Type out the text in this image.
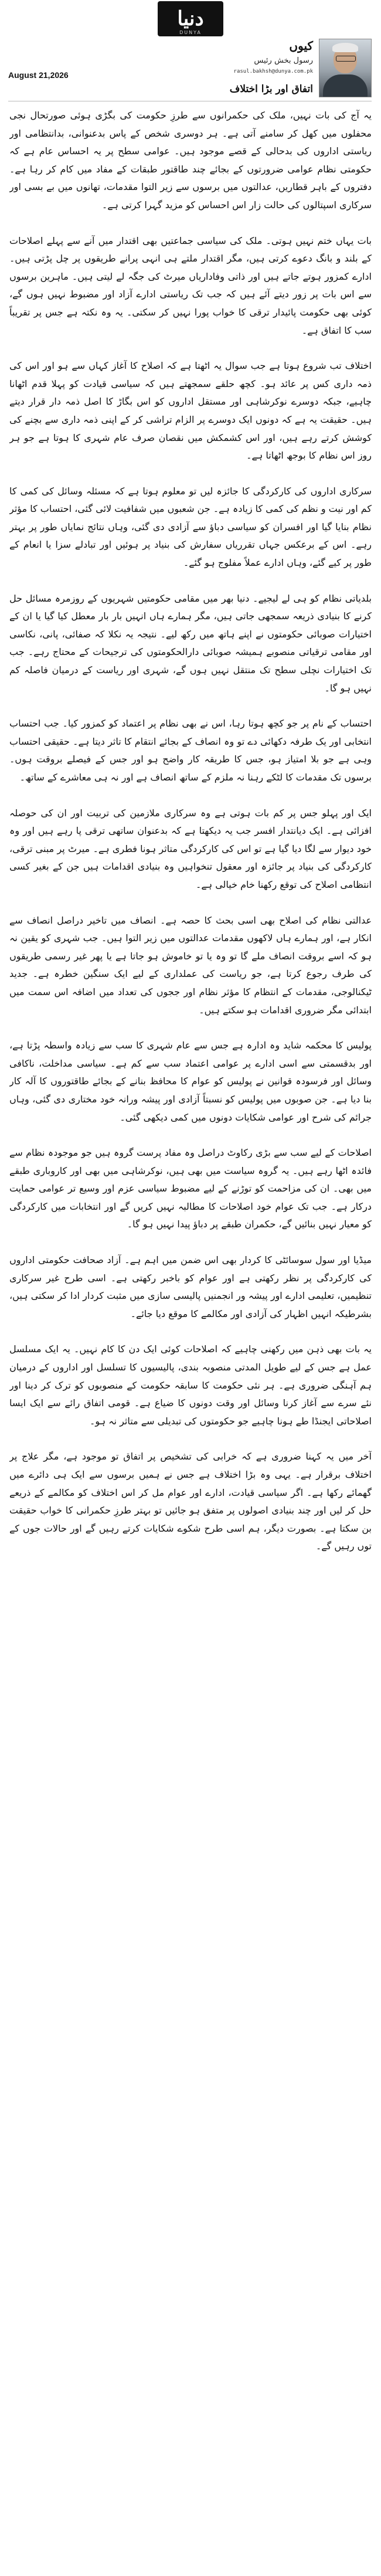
دنیا
DUNYA
کیوں
رسول بخش رئیس
rasul.bakhsh@dunya.com.pk
August 21,2026
اتفاق اور بڑا اختلاف

یہ آج کی بات نہیں، ملک کی حکمرانوں سے طرزِ حکومت کی بگڑی ہوئی صورتحال نجی محفلوں میں کھل کر سامنے آتی ہے۔ ہر دوسری شخص کے پاس بدعنوانی، بدانتظامی اور ریاستی اداروں کی بدحالی کے قصے موجود ہیں۔ عوامی سطح پر یہ احساس عام ہے کہ حکومتی نظام عوامی ضرورتوں کے بجائے چند طاقتور طبقات کے مفاد میں کام کر رہا ہے۔ دفتروں کے باہر قطاریں، عدالتوں میں برسوں سے زیر التوا مقدمات، تھانوں میں بے بسی اور سرکاری اسپتالوں کی حالت زار اس احساس کو مزید گہرا کرتی ہے۔

بات یہاں ختم نہیں ہوتی۔ ملک کی سیاسی جماعتیں بھی اقتدار میں آنے سے پہلے اصلاحات کے بلند و بانگ دعوے کرتی ہیں، مگر اقتدار ملتے ہی انہی پرانے طریقوں پر چل پڑتی ہیں۔ ادارے کمزور ہوتے جاتے ہیں اور ذاتی وفاداریاں میرٹ کی جگہ لے لیتی ہیں۔ ماہرین برسوں سے اس بات پر زور دیتے آئے ہیں کہ جب تک ریاستی ادارے آزاد اور مضبوط نہیں ہوں گے، کوئی بھی حکومت پائیدار ترقی کا خواب پورا نہیں کر سکتی۔ یہ وہ نکتہ ہے جس پر تقریباً سب کا اتفاق ہے۔

اختلاف تب شروع ہوتا ہے جب سوال یہ اٹھتا ہے کہ اصلاح کا آغاز کہاں سے ہو اور اس کی ذمہ داری کس پر عائد ہو۔ کچھ حلقے سمجھتے ہیں کہ سیاسی قیادت کو پہلا قدم اٹھانا چاہیے، جبکہ دوسرے نوکرشاہی اور مستقل اداروں کو اس بگاڑ کا اصل ذمہ دار قرار دیتے ہیں۔ حقیقت یہ ہے کہ دونوں ایک دوسرے پر الزام تراشی کر کے اپنی ذمہ داری سے بچنے کی کوشش کرتے رہے ہیں، اور اس کشمکش میں نقصان صرف عام شہری کا ہوتا ہے جو ہر روز اس نظام کا بوجھ اٹھاتا ہے۔

سرکاری اداروں کی کارکردگی کا جائزہ لیں تو معلوم ہوتا ہے کہ مسئلہ وسائل کی کمی کا کم اور نیت و نظم کی کمی کا زیادہ ہے۔ جن شعبوں میں شفافیت لائی گئی، احتساب کا مؤثر نظام بنایا گیا اور افسران کو سیاسی دباؤ سے آزادی دی گئی، وہاں نتائج نمایاں طور پر بہتر رہے۔ اس کے برعکس جہاں تقرریاں سفارش کی بنیاد پر ہوئیں اور تبادلے سزا یا انعام کے طور پر کیے گئے، وہاں ادارے عملاً مفلوج ہو گئے۔

بلدیاتی نظام کو ہی لے لیجیے۔ دنیا بھر میں مقامی حکومتیں شہریوں کے روزمرہ مسائل حل کرنے کا بنیادی ذریعہ سمجھی جاتی ہیں، مگر ہمارے ہاں انہیں بار بار معطل کیا گیا یا ان کے اختیارات صوبائی حکومتوں نے اپنے ہاتھ میں رکھ لیے۔ نتیجہ یہ نکلا کہ صفائی، پانی، نکاسی اور مقامی ترقیاتی منصوبے ہمیشہ صوبائی دارالحکومتوں کی ترجیحات کے محتاج رہے۔ جب تک اختیارات نچلی سطح تک منتقل نہیں ہوں گے، شہری اور ریاست کے درمیان فاصلہ کم نہیں ہو گا۔

احتساب کے نام پر جو کچھ ہوتا رہا، اس نے بھی نظام پر اعتماد کو کمزور کیا۔ جب احتساب انتخابی اور یک طرفہ دکھائی دے تو وہ انصاف کے بجائے انتقام کا تاثر دیتا ہے۔ حقیقی احتساب وہی ہے جو بلا امتیاز ہو، جس کا طریقہ کار واضح ہو اور جس کے فیصلے بروقت ہوں۔ برسوں تک مقدمات کا لٹکے رہنا نہ ملزم کے ساتھ انصاف ہے اور نہ ہی معاشرے کے ساتھ۔

ایک اور پہلو جس پر کم بات ہوتی ہے وہ سرکاری ملازمین کی تربیت اور ان کی حوصلہ افزائی ہے۔ ایک دیانتدار افسر جب یہ دیکھتا ہے کہ بدعنوان ساتھی ترقی پا رہے ہیں اور وہ خود دیوار سے لگا دیا گیا ہے تو اس کی کارکردگی متاثر ہونا فطری ہے۔ میرٹ پر مبنی ترقی، کارکردگی کی بنیاد پر جائزہ اور معقول تنخواہیں وہ بنیادی اقدامات ہیں جن کے بغیر کسی انتظامی اصلاح کی توقع رکھنا خام خیالی ہے۔

عدالتی نظام کی اصلاح بھی اسی بحث کا حصہ ہے۔ انصاف میں تاخیر دراصل انصاف سے انکار ہے، اور ہمارے ہاں لاکھوں مقدمات عدالتوں میں زیر التوا ہیں۔ جب شہری کو یقین نہ ہو کہ اسے بروقت انصاف ملے گا تو وہ یا تو خاموش ہو جاتا ہے یا پھر غیر رسمی طریقوں کی طرف رجوع کرتا ہے، جو ریاست کی عملداری کے لیے ایک سنگین خطرہ ہے۔ جدید ٹیکنالوجی، مقدمات کے انتظام کا مؤثر نظام اور ججوں کی تعداد میں اضافہ اس سمت میں ابتدائی مگر ضروری اقدامات ہو سکتے ہیں۔

پولیس کا محکمہ شاید وہ ادارہ ہے جس سے عام شہری کا سب سے زیادہ واسطہ پڑتا ہے، اور بدقسمتی سے اسی ادارے پر عوامی اعتماد سب سے کم ہے۔ سیاسی مداخلت، ناکافی وسائل اور فرسودہ قوانین نے پولیس کو عوام کا محافظ بنانے کے بجائے طاقتوروں کا آلہ کار بنا دیا ہے۔ جن صوبوں میں پولیس کو نسبتاً آزادی اور پیشہ ورانہ خود مختاری دی گئی، وہاں جرائم کی شرح اور عوامی شکایات دونوں میں کمی دیکھی گئی۔

اصلاحات کے لیے سب سے بڑی رکاوٹ دراصل وہ مفاد پرست گروہ ہیں جو موجودہ نظام سے فائدہ اٹھا رہے ہیں۔ یہ گروہ سیاست میں بھی ہیں، نوکرشاہی میں بھی اور کاروباری طبقے میں بھی۔ ان کی مزاحمت کو توڑنے کے لیے مضبوط سیاسی عزم اور وسیع تر عوامی حمایت درکار ہے۔ جب تک عوام خود اصلاحات کا مطالبہ نہیں کریں گے اور انتخابات میں کارکردگی کو معیار نہیں بنائیں گے، حکمران طبقے پر دباؤ پیدا نہیں ہو گا۔

میڈیا اور سول سوسائٹی کا کردار بھی اس ضمن میں اہم ہے۔ آزاد صحافت حکومتی اداروں کی کارکردگی پر نظر رکھتی ہے اور عوام کو باخبر رکھتی ہے۔ اسی طرح غیر سرکاری تنظیمیں، تعلیمی ادارے اور پیشہ ور انجمنیں پالیسی سازی میں مثبت کردار ادا کر سکتی ہیں، بشرطیکہ انہیں اظہار کی آزادی اور مکالمے کا موقع دیا جائے۔

یہ بات بھی ذہن میں رکھنی چاہیے کہ اصلاحات کوئی ایک دن کا کام نہیں۔ یہ ایک مسلسل عمل ہے جس کے لیے طویل المدتی منصوبہ بندی، پالیسیوں کا تسلسل اور اداروں کے درمیان ہم آہنگی ضروری ہے۔ ہر نئی حکومت کا سابقہ حکومت کے منصوبوں کو ترک کر دینا اور نئے سرے سے آغاز کرنا وسائل اور وقت دونوں کا ضیاع ہے۔ قومی اتفاق رائے سے ایک ایسا اصلاحاتی ایجنڈا طے ہونا چاہیے جو حکومتوں کی تبدیلی سے متاثر نہ ہو۔

آخر میں یہ کہنا ضروری ہے کہ خرابی کی تشخیص پر اتفاق تو موجود ہے، مگر علاج پر اختلاف برقرار ہے۔ یہی وہ بڑا اختلاف ہے جس نے ہمیں برسوں سے ایک ہی دائرے میں گھمائے رکھا ہے۔ اگر سیاسی قیادت، ادارے اور عوام مل کر اس اختلاف کو مکالمے کے ذریعے حل کر لیں اور چند بنیادی اصولوں پر متفق ہو جائیں تو بہتر طرزِ حکمرانی کا خواب حقیقت بن سکتا ہے۔ بصورت دیگر، ہم اسی طرح شکوے شکایات کرتے رہیں گے اور حالات جوں کے توں رہیں گے۔
